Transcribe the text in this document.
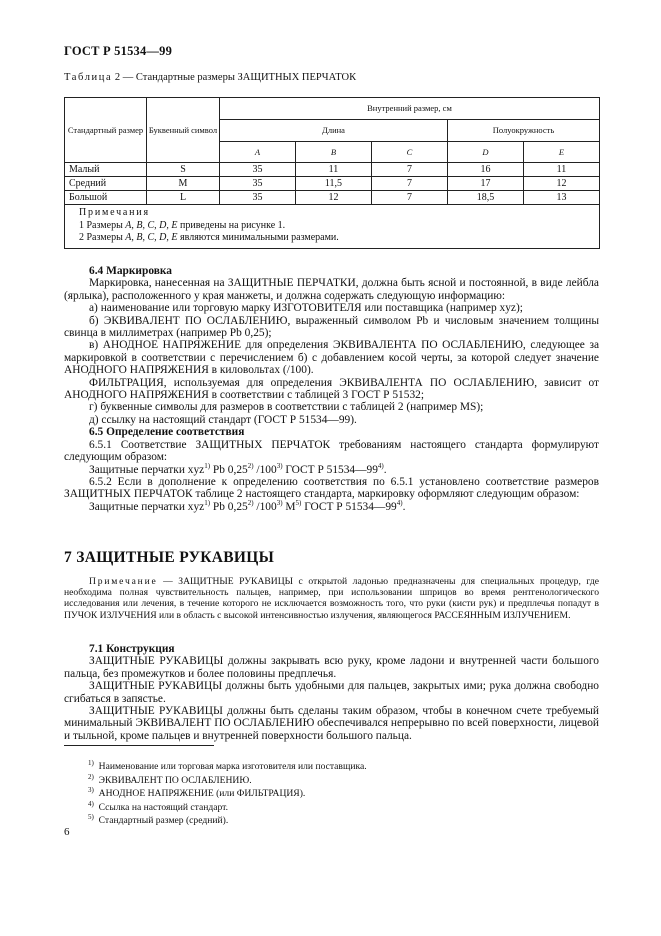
ГОСТ Р 51534—99
Таблица 2 — Стандартные размеры ЗАЩИТНЫХ ПЕРЧАТОК
Стандартный размер	Буквенный символ	Внутренний размер, см				
		Длина			Полуокружность	
		A	B	C	D	E
Малый	S	35	11	7	16	11
Средний	M	35	11,5	7	17	12
Большой	L	35	12	7	18,5	13

Примечания
1 Размеры A, B, C, D, E приведены на рисунке 1.
2 Размеры A, B, C, D, E являются минимальными размерами.						

6.4 Маркировка

Маркировка, нанесенная на ЗАЩИТНЫЕ ПЕРЧАТКИ, должна быть ясной и постоянной, в виде лейбла (ярлыка), расположенного у края манжеты, и должна содержать следующую информацию:

а) наименование или торговую марку ИЗГОТОВИТЕЛЯ или поставщика (например xyz);

б) ЭКВИВАЛЕНТ ПО ОСЛАБЛЕНИЮ, выраженный символом Pb и числовым значением толщины свинца в миллиметрах (например Pb 0,25);

в) АНОДНОЕ НАПРЯЖЕНИЕ для определения ЭКВИВАЛЕНТА ПО ОСЛАБЛЕНИЮ, следующее за маркировкой в соответствии с перечислением б) с добавлением косой черты, за которой следует значение АНОДНОГО НАПРЯЖЕНИЯ в киловольтах (/100).

ФИЛЬТРАЦИЯ, используемая для определения ЭКВИВАЛЕНТА ПО ОСЛАБЛЕНИЮ, зависит от АНОДНОГО НАПРЯЖЕНИЯ в соответствии с таблицей 3 ГОСТ Р 51532;

г) буквенные символы для размеров в соответствии с таблицей 2 (например MS);

д) ссылку на настоящий стандарт (ГОСТ Р 51534—99).

6.5 Определение соответствия

6.5.1 Соответствие ЗАЩИТНЫХ ПЕРЧАТОК требованиям настоящего стандарта формулируют следующим образом:

Защитные перчатки xyz$^{1)}$ Pb 0,25$^{2)}$ /100$^{3)}$ ГОСТ Р 51534—99$^{4)}$.

6.5.2 Если в дополнение к определению соответствия по 6.5.1 установлено соответствие размеров ЗАЩИТНЫХ ПЕРЧАТОК таблице 2 настоящего стандарта, маркировку оформляют следующим образом:

Защитные перчатки xyz$^{1)}$ Pb 0,25$^{2)}$ /100$^{3)}$ $M^{5)}$ ГОСТ Р 51534—99$^{4)}$.

7 ЗАЩИТНЫЕ РУКАВИЦЫ
Примечание — ЗАЩИТНЫЕ РУКАВИЦЫ с открытой ладонью предназначены для специальных процедур, где необходима полная чувствительность пальцев, например, при использовании шприцов во время рентгенологического исследования или лечения, в течение которого не исключается возможность того, что руки (кисти рук) и предплечья попадут в ПУЧОК ИЗЛУЧЕНИЯ или в область с высокой интенсивностью излучения, являющегося РАССЕЯННЫМ ИЗЛУЧЕНИЕМ.

7.1 Конструкция

ЗАЩИТНЫЕ РУКАВИЦЫ должны закрывать всю руку, кроме ладони и внутренней части большого пальца, без промежутков и более половины предплечья.

ЗАЩИТНЫЕ РУКАВИЦЫ должны быть удобными для пальцев, закрытых ими; рука должна свободно сгибаться в запястье.

ЗАЩИТНЫЕ РУКАВИЦЫ должны быть сделаны таким образом, чтобы в конечном счете требуемый минимальный ЭКВИВАЛЕНТ ПО ОСЛАБЛЕНИЮ обеспечивался непрерывно по всей поверхности, лицевой и тыльной, кроме пальцев и внутренней поверхности большого пальца.

$^{1)}$ Наименование или торговая марка изготовителя или поставщика.
$^{2)}$ ЭКВИВАЛЕНТ ПО ОСЛАБЛЕНИЮ.
$^{3)}$ АНОДНОЕ НАПРЯЖЕНИЕ (или ФИЛЬТРАЦИЯ).
$^{4)}$ Ссылка на настоящий стандарт.
$^{5)}$ Стандартный размер (средний).
6
